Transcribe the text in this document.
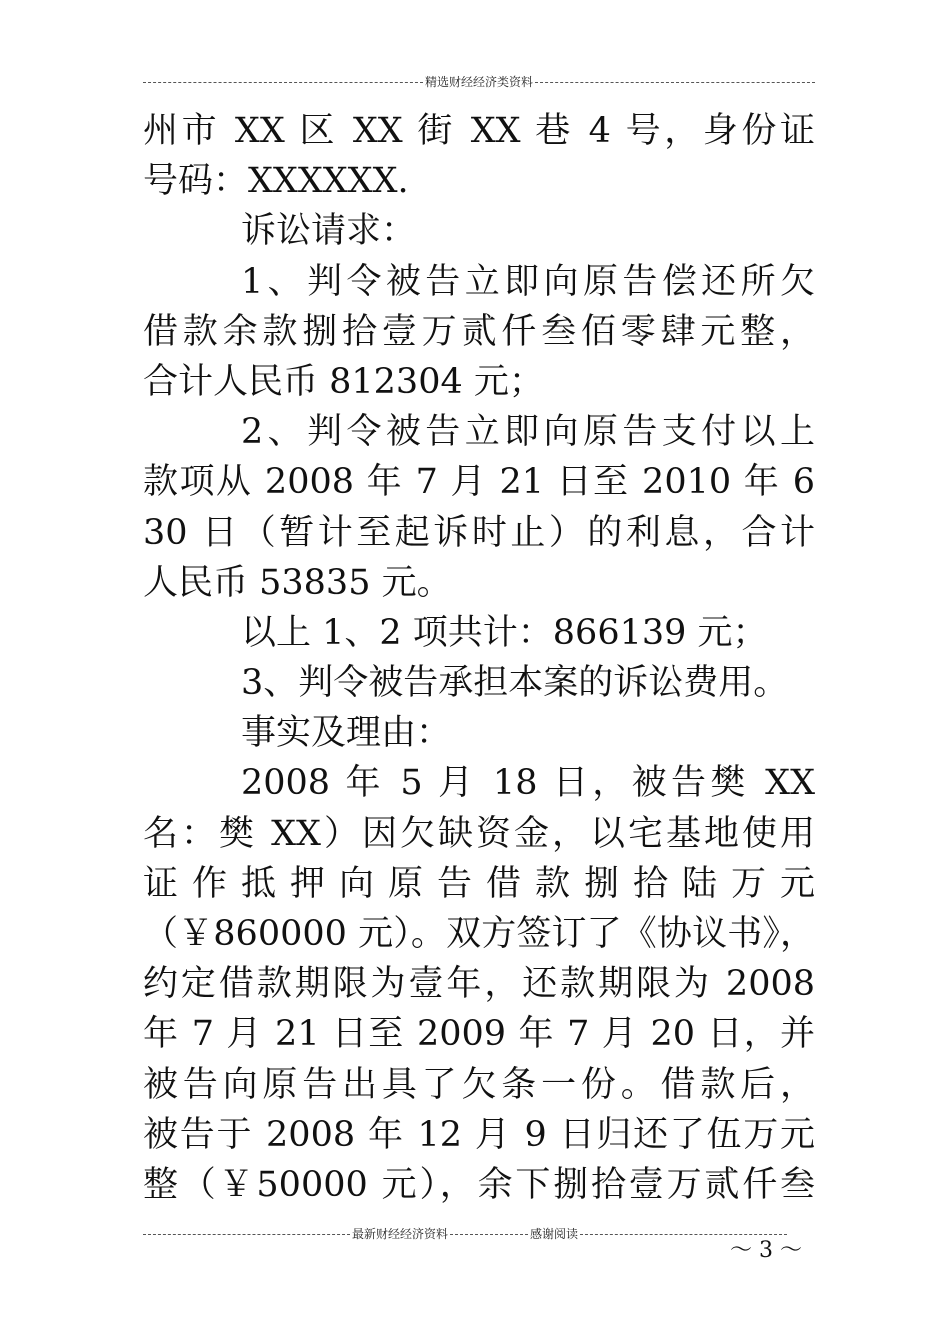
精选财经经济类资料
州市 XX 区 XX 街 XX 巷 4 号，身份证
号码：XXXXXX.
诉讼请求：
1、判令被告立即向原告偿还所欠
借款余款捌拾壹万贰仟叁佰零肆元整，
合计人民币 812304 元；
2、判令被告立即向原告支付以上
款项从 2008 年 7 月 21 日至 2010 年 6
30 日（暂计至起诉时止）的利息，合计
人民币 53835 元。
以上 1、2 项共计：866139 元；
3、判令被告承担本案的诉讼费用。
事实及理由：
2008 年 5 月 18 日，被告樊 XX
名：樊 XX）因欠缺资金，以宅基地使用
证 作 抵 押 向 原 告 借 款 捌 拾 陆 万 元
（￥860000 元）。双方签订了《协议书》，
约定借款期限为壹年，还款期限为 2008
年 7 月 21 日至 2009 年 7 月 20 日，并
被告向原告出具了欠条一份。借款后，
被告于 2008 年 12 月 9 日归还了伍万元
整（￥50000 元），余下捌拾壹万贰仟叁
最新财经经济资料	感谢阅读
～ 3 ～
